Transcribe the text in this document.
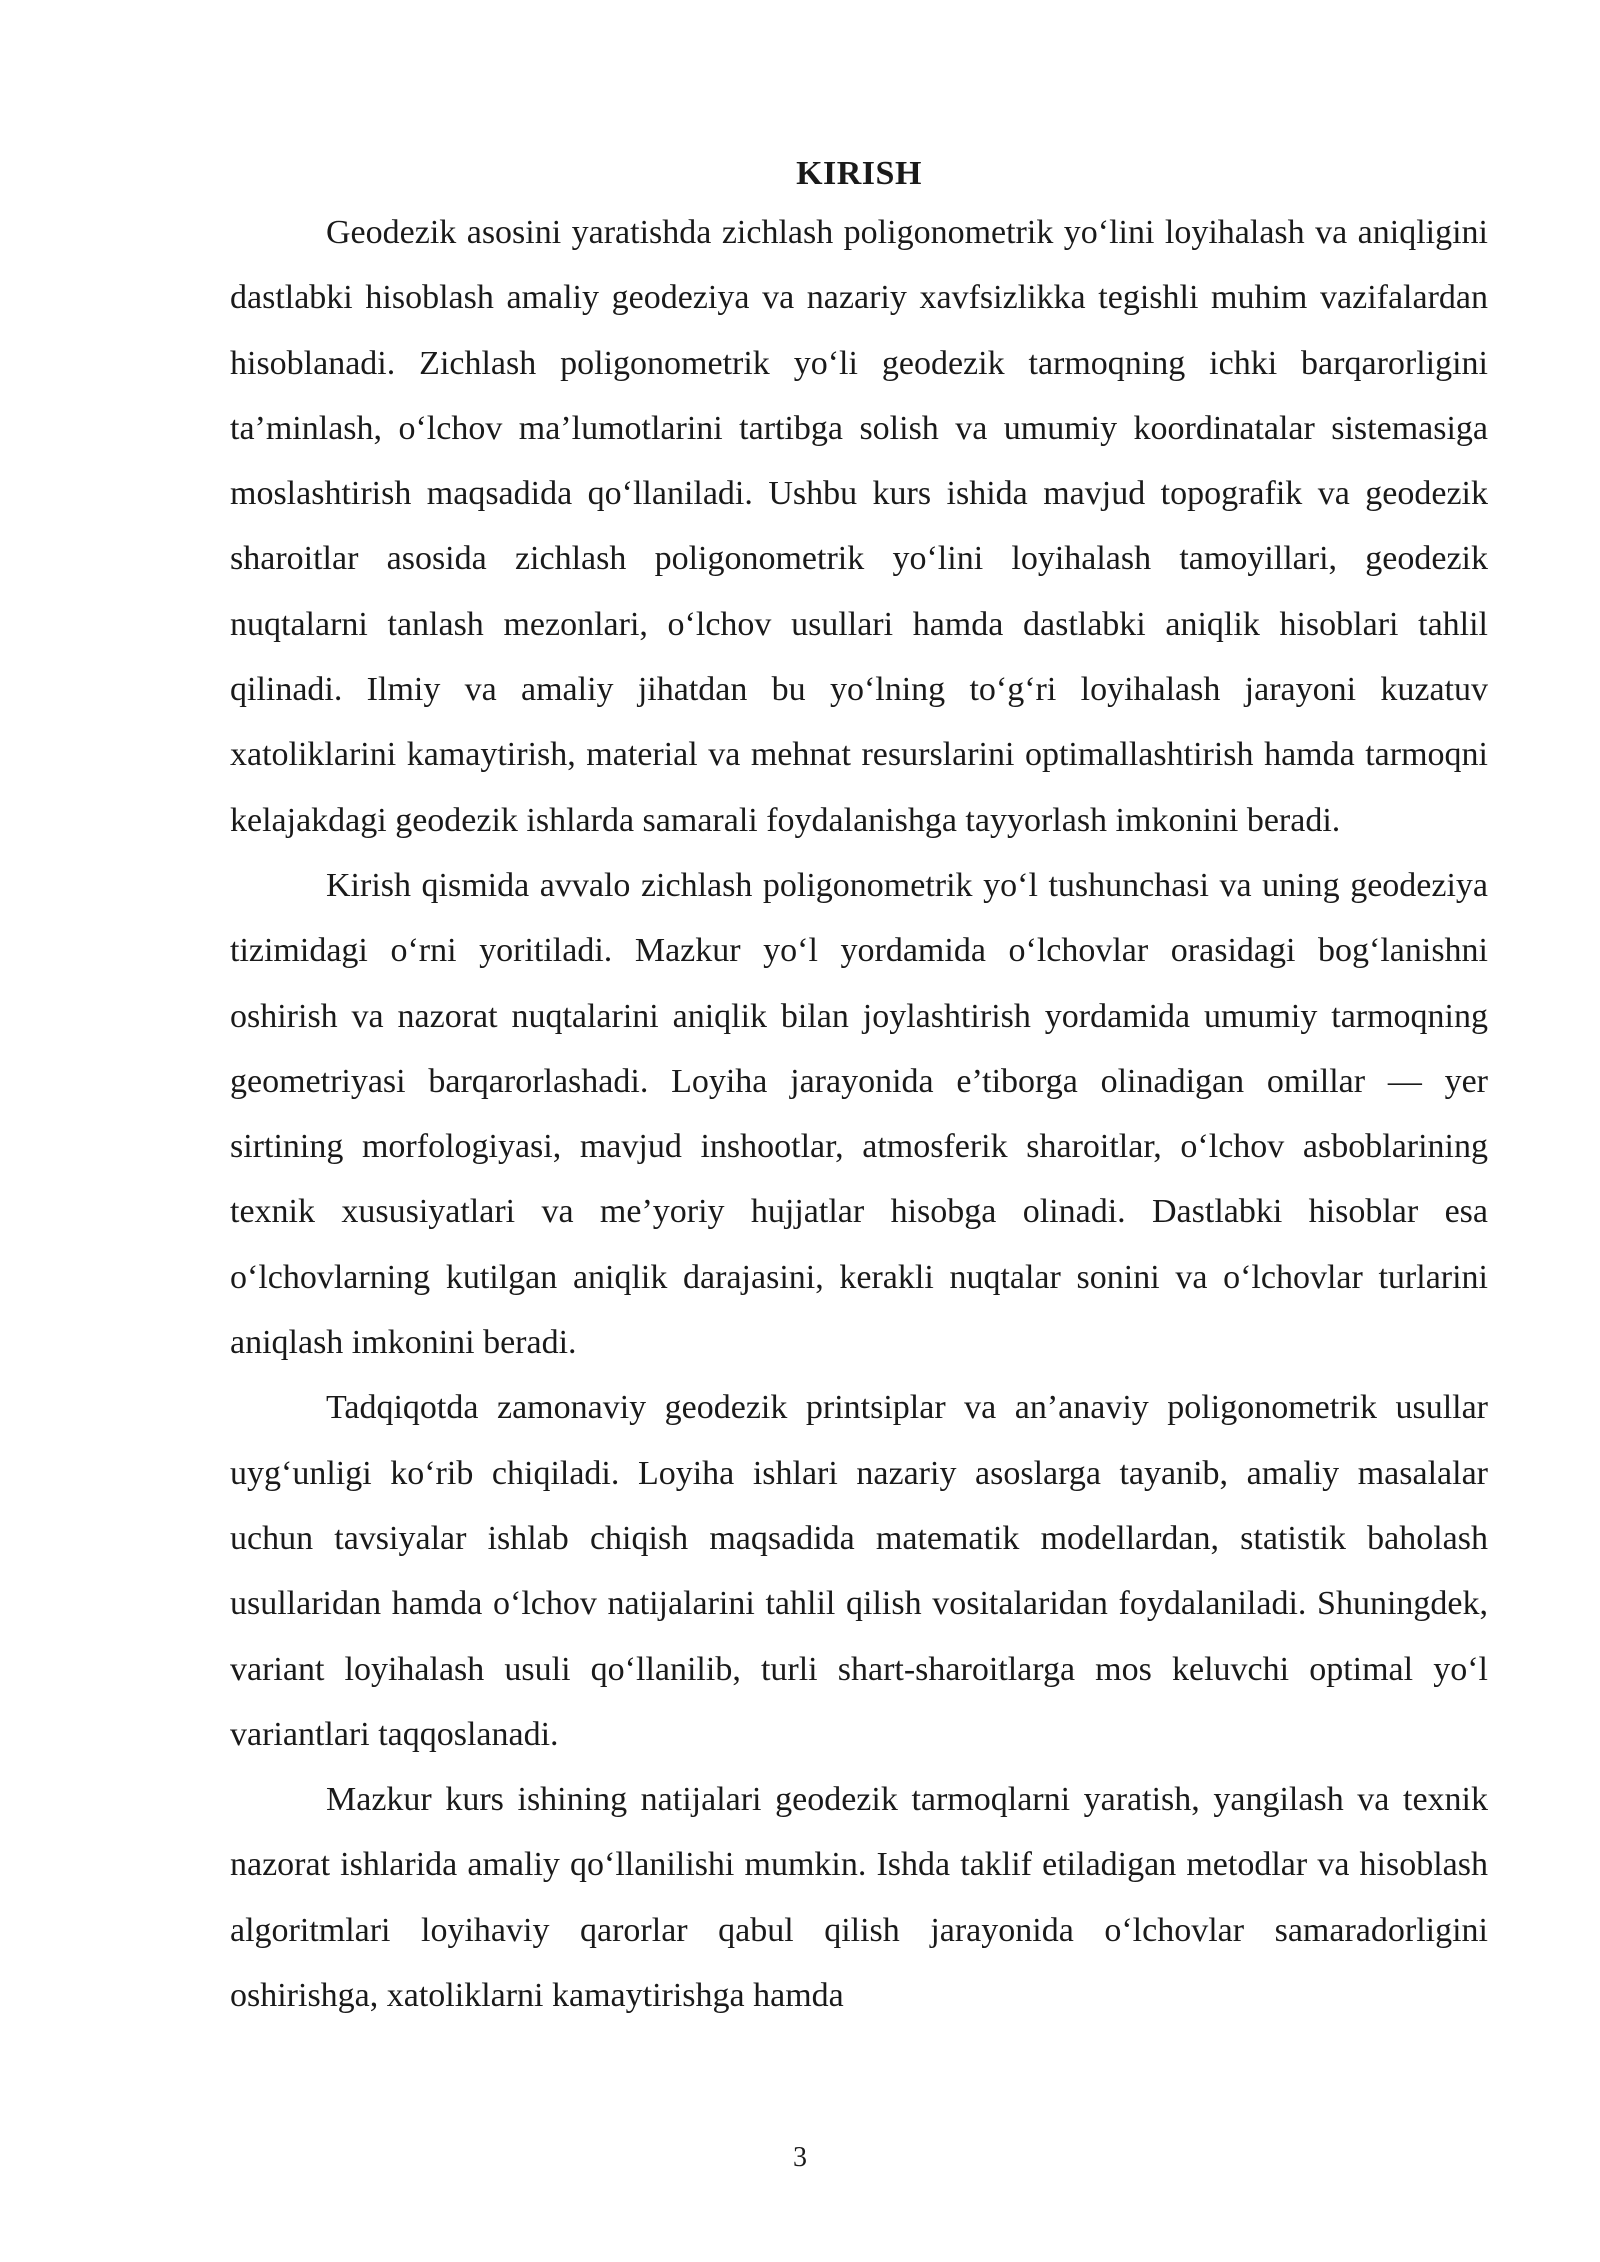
KIRISH

Geodezik asosini yaratishda zichlash poligonometrik yo‘lini loyihalash va aniqligini dastlabki hisoblash amaliy geodeziya va nazariy xavfsizlikka tegishli muhim vazifalardan hisoblanadi. Zichlash poligonometrik yo‘li geodezik tarmoqning ichki barqarorligini ta’minlash, o‘lchov ma’lumotlarini tartibga solish va umumiy koordinatalar sistemasiga moslashtirish maqsadida qo‘llaniladi. Ushbu kurs ishida mavjud topografik va geodezik sharoitlar asosida zichlash poligonometrik yo‘lini loyihalash tamoyillari, geodezik nuqtalarni tanlash mezonlari, o‘lchov usullari hamda dastlabki aniqlik hisoblari tahlil qilinadi. Ilmiy va amaliy jihatdan bu yo‘lning to‘g‘ri loyihalash jarayoni kuzatuv xatoliklarini kamaytirish, material va mehnat resurslarini optimallashtirish hamda tarmoqni kelajakdagi geodezik ishlarda samarali foydalanishga tayyorlash imkonini beradi.

Kirish qismida avvalo zichlash poligonometrik yo‘l tushunchasi va uning geodeziya tizimidagi o‘rni yoritiladi. Mazkur yo‘l yordamida o‘lchovlar orasidagi bog‘lanishni oshirish va nazorat nuqtalarini aniqlik bilan joylashtirish yordamida umumiy tarmoqning geometriyasi barqarorlashadi. Loyiha jarayonida e’tiborga olinadigan omillar — yer sirtining morfologiyasi, mavjud inshootlar, atmosferik sharoitlar, o‘lchov asboblarining texnik xususiyatlari va me’yoriy hujjatlar hisobga olinadi. Dastlabki hisoblar esa o‘lchovlarning kutilgan aniqlik darajasini, kerakli nuqtalar sonini va o‘lchovlar turlarini aniqlash imkonini beradi.

Tadqiqotda zamonaviy geodezik printsiplar va an’anaviy poligonometrik usullar uyg‘unligi ko‘rib chiqiladi. Loyiha ishlari nazariy asoslarga tayanib, amaliy masalalar uchun tavsiyalar ishlab chiqish maqsadida matematik modellardan, statistik baholash usullaridan hamda o‘lchov natijalarini tahlil qilish vositalaridan foydalaniladi. Shuningdek, variant loyihalash usuli qo‘llanilib, turli shart-sharoitlarga mos keluvchi optimal yo‘l variantlari taqqoslanadi.

Mazkur kurs ishining natijalari geodezik tarmoqlarni yaratish, yangilash va texnik nazorat ishlarida amaliy qo‘llanilishi mumkin. Ishda taklif etiladigan metodlar va hisoblash algoritmlari loyihaviy qarorlar qabul qilish jarayonida o‘lchovlar samaradorligini oshirishga, xatoliklarni kamaytirishga hamda

3
